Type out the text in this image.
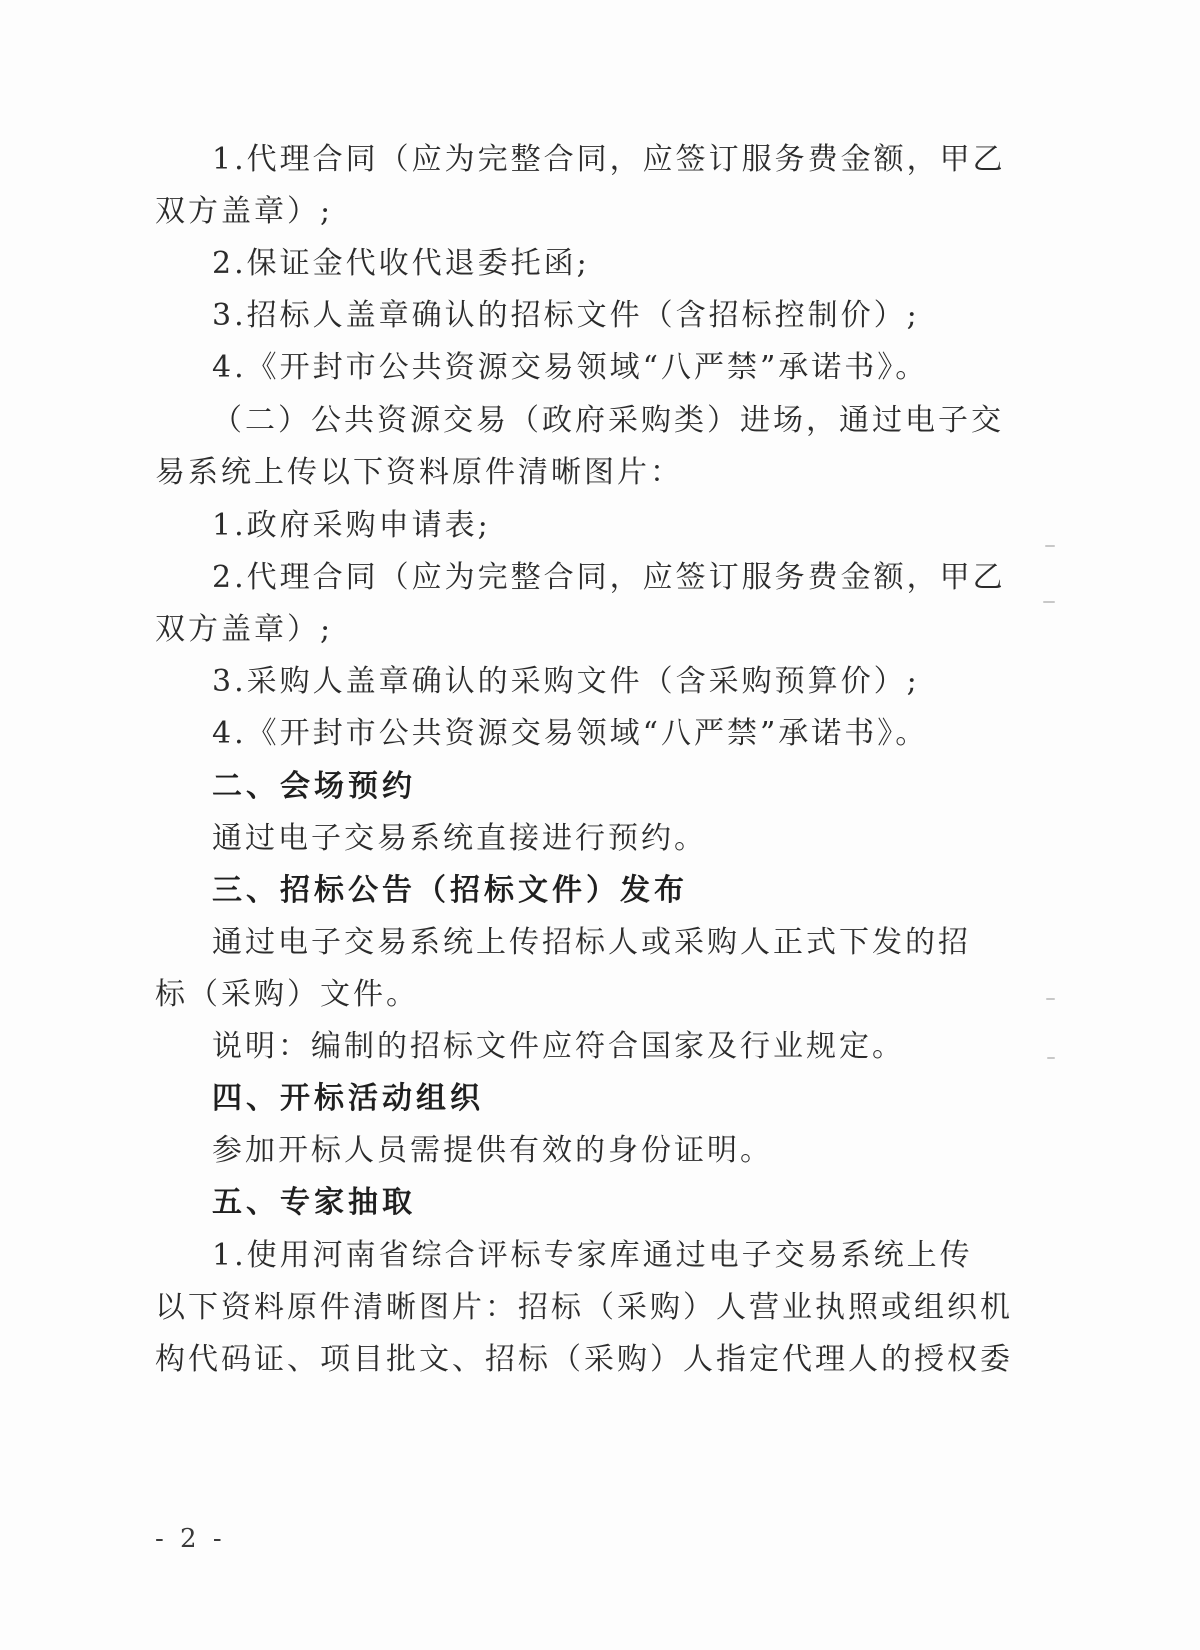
1.代理合同（应为完整合同，应签订服务费金额，甲乙
双方盖章）;
2.保证金代收代退委托函;
3.招标人盖章确认的招标文件（含招标控制价）;
4.《开封市公共资源交易领域“八严禁”承诺书》。
（二）公共资源交易（政府采购类）进场，通过电子交
易系统上传以下资料原件清晰图片：
1.政府采购申请表;
2.代理合同（应为完整合同，应签订服务费金额，甲乙
双方盖章）;
3.采购人盖章确认的采购文件（含采购预算价）;
4.《开封市公共资源交易领域“八严禁”承诺书》。
二、会场预约
通过电子交易系统直接进行预约。
三、招标公告（招标文件）发布
通过电子交易系统上传招标人或采购人正式下发的招
标（采购）文件。
说明：编制的招标文件应符合国家及行业规定。
四、开标活动组织
参加开标人员需提供有效的身份证明。
五、专家抽取
1.使用河南省综合评标专家库通过电子交易系统上传
以下资料原件清晰图片：招标（采购）人营业执照或组织机
构代码证、项目批文、招标（采购）人指定代理人的授权委
- 2 -
